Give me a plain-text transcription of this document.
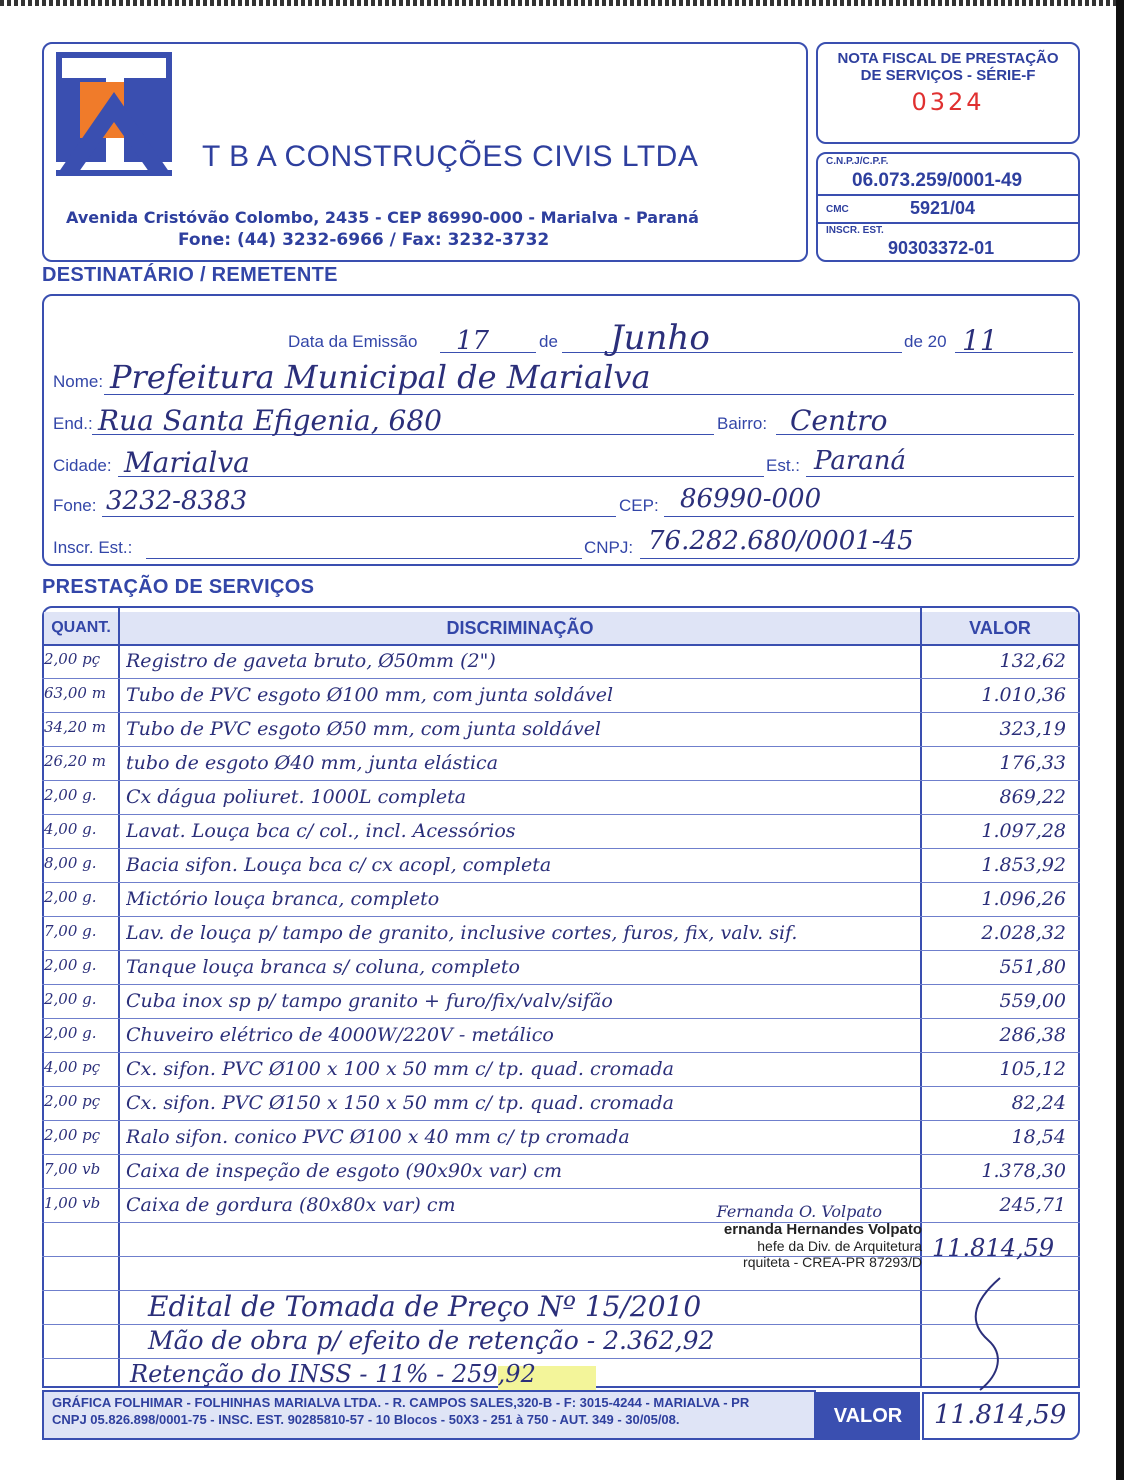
T B A CONSTRUÇÕES CIVIS LTDA
Avenida Cristóvão Colombo, 2435 - CEP 86990-000 - Marialva - Paraná
Fone: (44) 3232-6966 / Fax: 3232-3732
NOTA FISCAL DE PRESTAÇÃO
DE SERVIÇOS - SÉRIE-F
0324
C.N.P.J/C.P.F.
06.073.259/0001-49
CMC	5921/04
INSCR. EST.
90303372-01
DESTINATÁRIO / REMETENTE
Data da Emissão 17	de Junho	de 20 11
Nome: Prefeitura Municipal de Marialva
End.: Rua Santa Efigenia, 680	Bairro: Centro
Cidade: Marialva	Est.: Paraná
Fone: 3232-8383	CEP: 86990-000
Inscr. Est.:	CNPJ: 76.282.680/0001-45
PRESTAÇÃO DE SERVIÇOS
QUANT.	DISCRIMINAÇÃO	VALOR
2,00 pç	Registro de gaveta bruto, Ø50mm (2")	132,62
63,00 m	Tubo de PVC esgoto Ø100 mm, com junta soldável	1.010,36
34,20 m	Tubo de PVC esgoto Ø50 mm, com junta soldável	323,19
26,20 m	tubo de esgoto Ø40 mm, junta elástica	176,33
2,00 g.	Cx dágua poliuret. 1000L completa	869,22
4,00 g.	Lavat. Louça bca c/ col., incl. Acessórios	1.097,28
8,00 g.	Bacia sifon. Louça bca c/ cx acopl, completa	1.853,92
2,00 g.	Mictório louça branca, completo	1.096,26
7,00 g.	Lav. de louça p/ tampo de granito, inclusive cortes, furos, fix, valv. sif.	2.028,32
2,00 g.	Tanque louça branca s/ coluna, completo	551,80
2,00 g.	Cuba inox sp p/ tampo granito + furo/fix/valv/sifão	559,00
2,00 g.	Chuveiro elétrico de 4000W/220V - metálico	286,38
4,00 pç	Cx. sifon. PVC Ø100 x 100 x 50 mm c/ tp. quad. cromada	105,12
2,00 pç	Cx. sifon. PVC Ø150 x 150 x 50 mm c/ tp. quad. cromada	82,24
2,00 pç	Ralo sifon. conico PVC Ø100 x 40 mm c/ tp cromada	18,54
7,00 vb	Caixa de inspeção de esgoto (90x90x var) cm	1.378,30
1,00 vb	Caixa de gordura (80x80x var) cm	245,71
11.814,59
Fernanda O. Volpato
ernanda Hernandes Volpato
hefe da Div. de Arquitetura
rquiteta - CREA-PR 87293/D
Edital de Tomada de Preço Nº 15/2010
Mão de obra p/ efeito de retenção - 2.362,92
Retenção do INSS - 11% - 259,92
GRÁFICA FOLHIMAR - FOLHINHAS MARIALVA LTDA. - R. CAMPOS SALES,320-B - F: 3015-4244 - MARIALVA - PR
CNPJ 05.826.898/0001-75 - INSC. EST. 90285810-57 - 10 Blocos - 50X3 - 251 à 750 - AUT. 349 - 30/05/08.	VALOR	11.814,59
